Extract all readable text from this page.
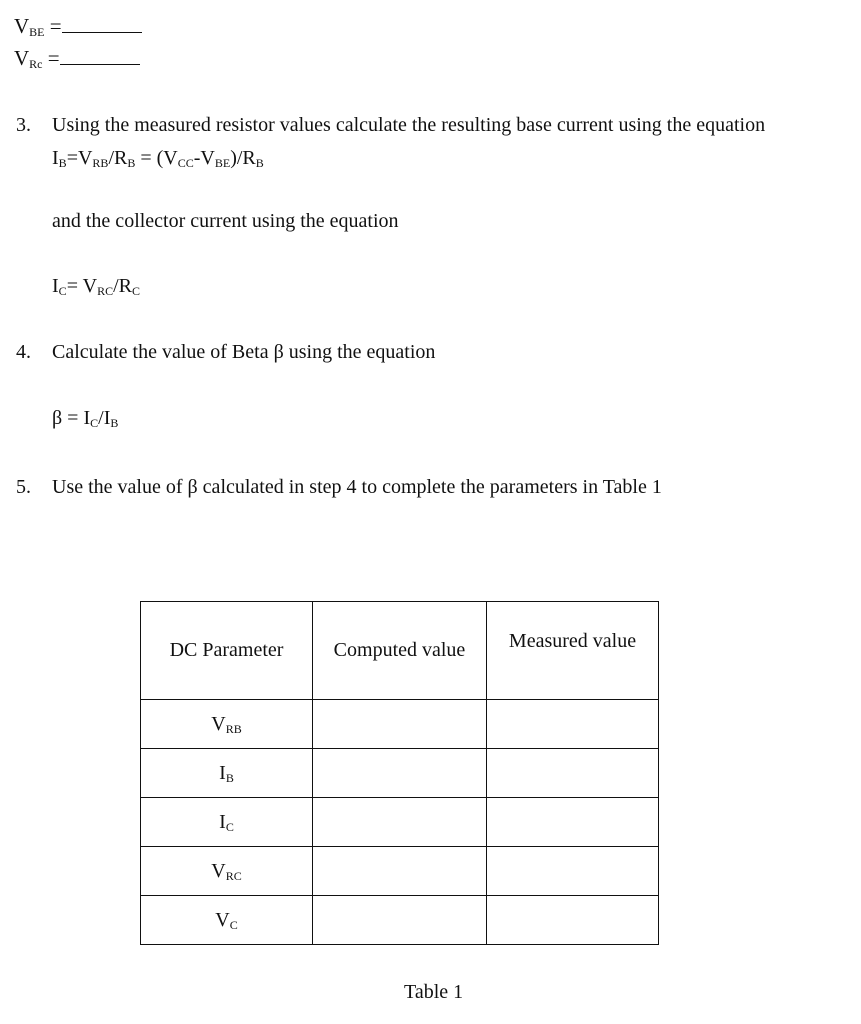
$V_{BE}$ =
$V_{Rc}$ =
3. Using the measured resistor values calculate the resulting base current using the equation
$I_B=V_{RB}/R_B = (V_{CC}-V_{BE})/R_B$
and the collector current using the equation
$I_C= V_{RC}/R_C$
4. Calculate the value of Beta β using the equation
$\beta = I_C/I_B$
5. Use the value of β calculated in step 4 to complete the parameters in Table 1
DC Parameter	Computed value	Measured value
$V_{RB}$		
$I_B$		
$I_C$		
$V_{RC}$		
$V_C$		
Table 1
